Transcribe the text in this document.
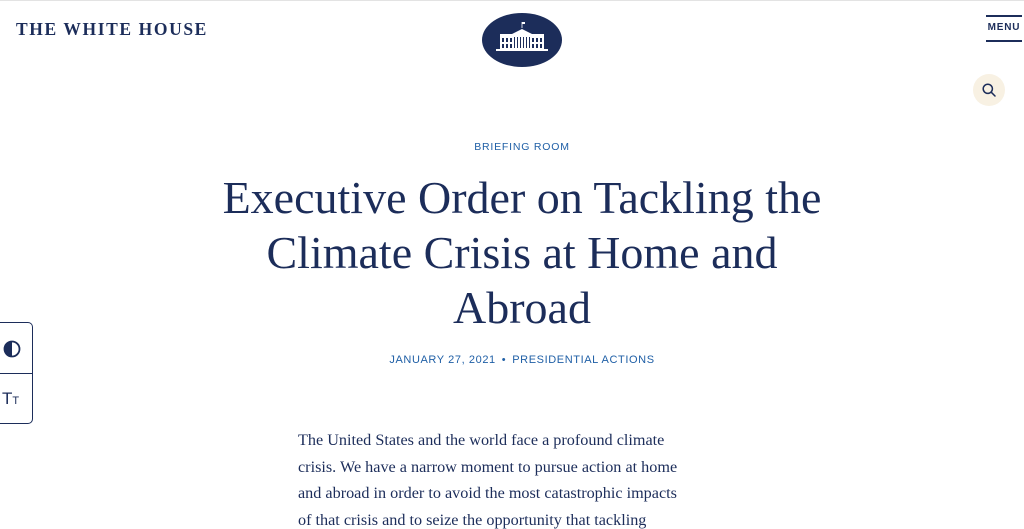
THE WHITE HOUSE	MENU
BRIEFING ROOM
Executive Order on Tackling the Climate Crisis at Home and Abroad
JANUARY 27, 2021 • PRESIDENTIAL ACTIONS
TT
The United States and the world face a profound climate
crisis. We have a narrow moment to pursue action at home
and abroad in order to avoid the most catastrophic impacts
of that crisis and to seize the opportunity that tackling
